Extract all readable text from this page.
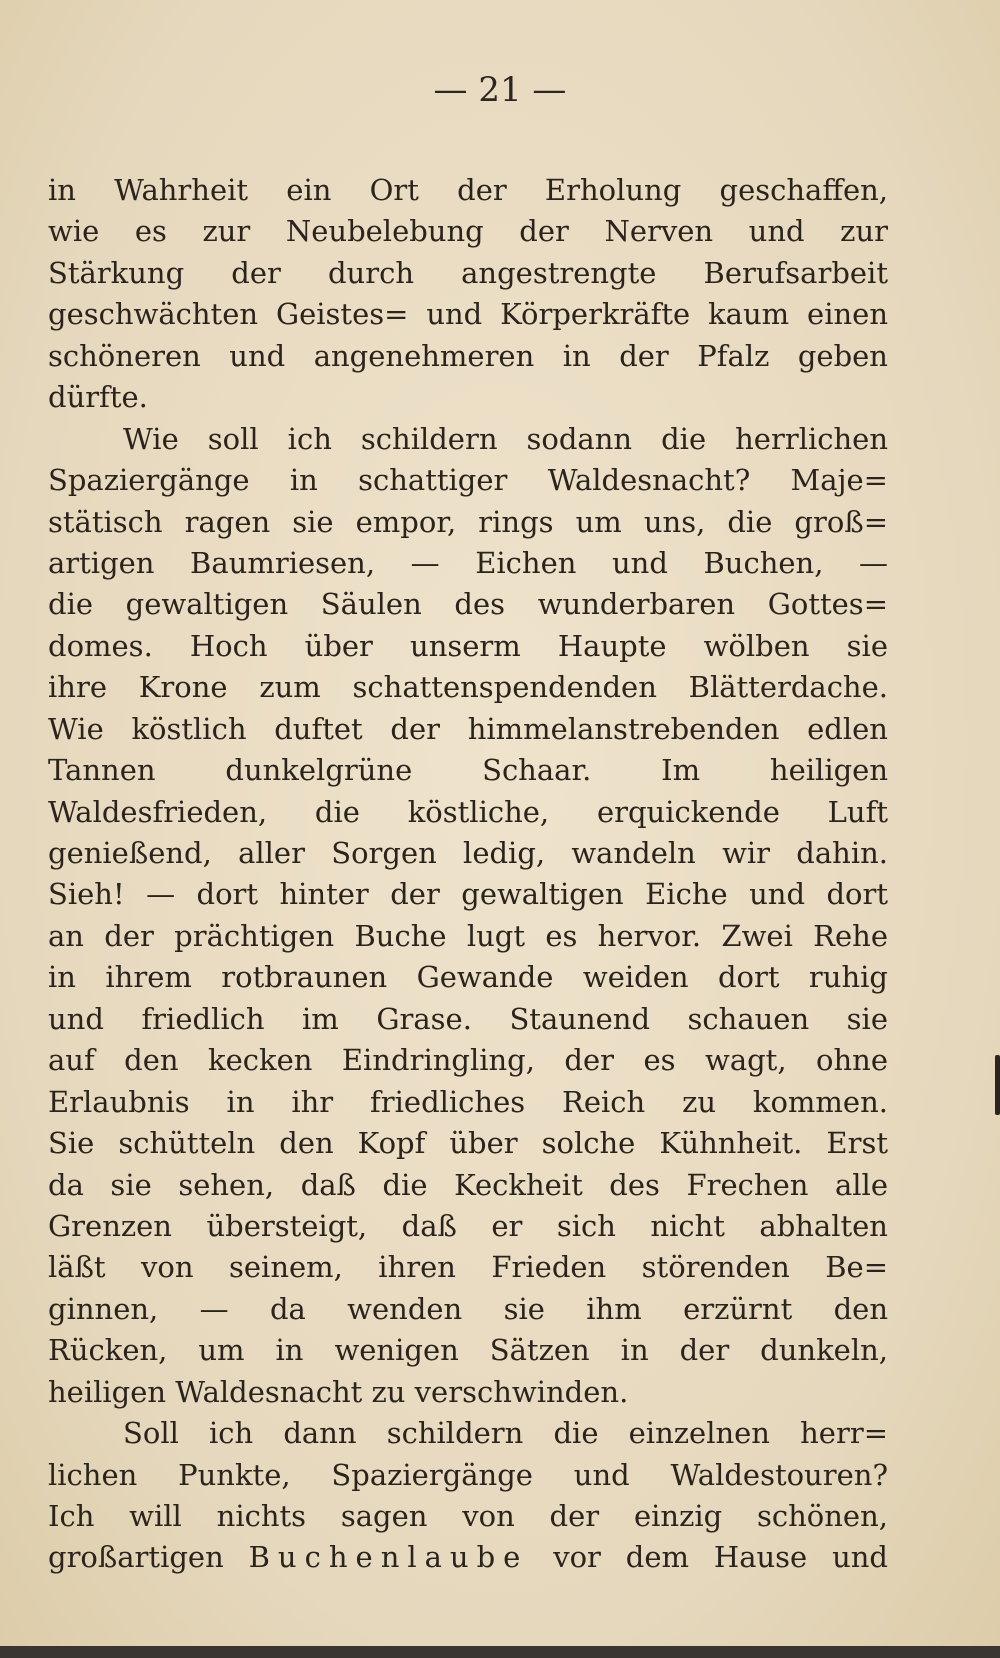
— 21 —
in Wahrheit ein Ort der Erholung geschaffen,
wie es zur Neubelebung der Nerven und zur
Stärkung der durch angestrengte Berufsarbeit
geschwächten Geistes= und Körperkräfte kaum einen
schöneren und angenehmeren in der Pfalz geben
dürfte.
Wie soll ich schildern sodann die herrlichen
Spaziergänge in schattiger Waldesnacht? Maje=
stätisch ragen sie empor, rings um uns, die groß=
artigen Baumriesen, — Eichen und Buchen, —
die gewaltigen Säulen des wunderbaren Gottes=
domes. Hoch über unserm Haupte wölben sie
ihre Krone zum schattenspendenden Blätterdache.
Wie köstlich duftet der himmelanstrebenden edlen
Tannen dunkelgrüne Schaar. Im heiligen
Waldesfrieden, die köstliche, erquickende Luft
genießend, aller Sorgen ledig, wandeln wir dahin.
Sieh! — dort hinter der gewaltigen Eiche und dort
an der prächtigen Buche lugt es hervor. Zwei Rehe
in ihrem rotbraunen Gewande weiden dort ruhig
und friedlich im Grase. Staunend schauen sie
auf den kecken Eindringling, der es wagt, ohne
Erlaubnis in ihr friedliches Reich zu kommen.
Sie schütteln den Kopf über solche Kühnheit. Erst
da sie sehen, daß die Keckheit des Frechen alle
Grenzen übersteigt, daß er sich nicht abhalten
läßt von seinem, ihren Frieden störenden Be=
ginnen, — da wenden sie ihm erzürnt den
Rücken, um in wenigen Sätzen in der dunkeln,
heiligen Waldesnacht zu verschwinden.
Soll ich dann schildern die einzelnen herr=
lichen Punkte, Spaziergänge und Waldestouren?
Ich will nichts sagen von der einzig schönen,
großartigen Buchenlaube vor dem Hause und
